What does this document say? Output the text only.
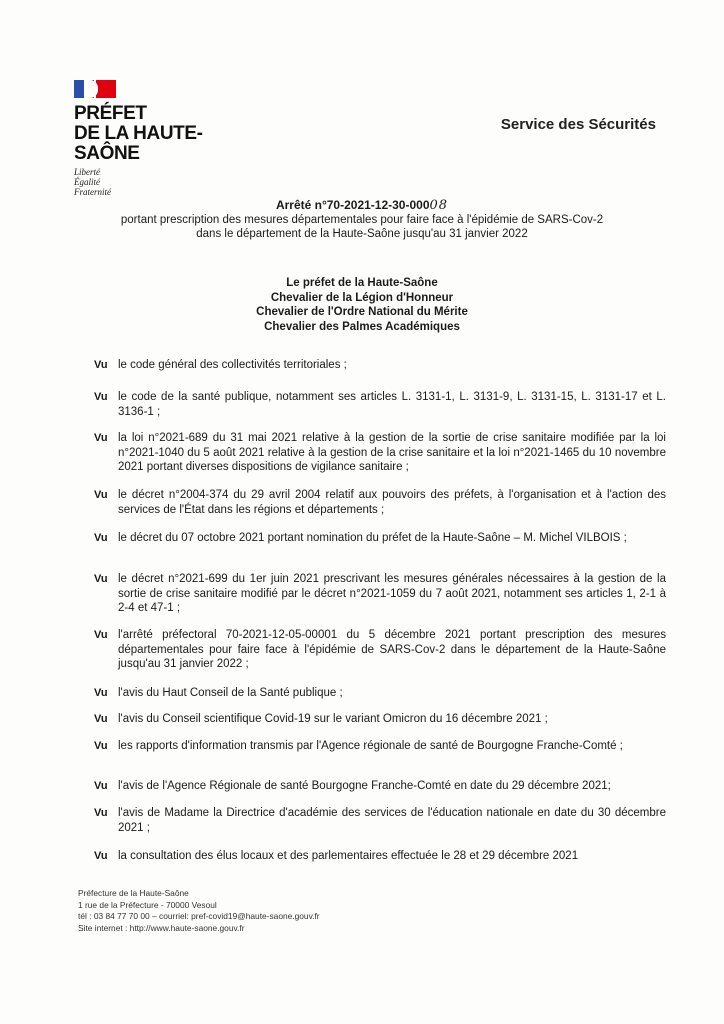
PRÉFET
DE LA HAUTE-
SAÔNE
Liberté
Égalité
Fraternité
Service des Sécurités
Arrêté n°70-2021-12-30-00008
portant prescription des mesures départementales pour faire face à l'épidémie de SARS-Cov-2
dans le département de la Haute-Saône jusqu'au 31 janvier 2022
Le préfet de la Haute-Saône
Chevalier de la Légion d'Honneur
Chevalier de l'Ordre National du Mérite
Chevalier des Palmes Académiques
Vu le code général des collectivités territoriales ;
Vu le code de la santé publique, notamment ses articles L. 3131-1, L. 3131-9, L. 3131-15, L. 3131-17 et L. 3136-1 ;
Vu la loi n°2021-689 du 31 mai 2021 relative à la gestion de la sortie de crise sanitaire modifiée par la loi n°2021-1040 du 5 août 2021 relative à la gestion de la crise sanitaire et la loi n°2021-1465 du 10 novembre 2021 portant diverses dispositions de vigilance sanitaire ;
Vu le décret n°2004-374 du 29 avril 2004 relatif aux pouvoirs des préfets, à l'organisation et à l'action des services de l'État dans les régions et départements ;
Vu le décret du 07 octobre 2021 portant nomination du préfet de la Haute-Saône – M. Michel VILBOIS ;
Vu le décret n°2021-699 du 1er juin 2021 prescrivant les mesures générales nécessaires à la gestion de la sortie de crise sanitaire modifié par le décret n°2021-1059 du 7 août 2021, notamment ses articles 1, 2-1 à 2-4 et 47-1 ;
Vu l'arrêté préfectoral 70-2021-12-05-00001 du 5 décembre 2021 portant prescription des mesures départementales pour faire face à l'épidémie de SARS-Cov-2 dans le département de la Haute-Saône jusqu'au 31 janvier 2022 ;
Vu l'avis du Haut Conseil de la Santé publique ;
Vu l'avis du Conseil scientifique Covid-19 sur le variant Omicron du 16 décembre 2021 ;
Vu les rapports d'information transmis par l'Agence régionale de santé de Bourgogne Franche-Comté ;
Vu l'avis de l'Agence Régionale de santé Bourgogne Franche-Comté en date du 29 décembre 2021;
Vu l'avis de Madame la Directrice d'académie des services de l'éducation nationale en date du 30 décembre 2021 ;
Vu la consultation des élus locaux et des parlementaires effectuée le 28 et 29 décembre 2021
Préfecture de la Haute-Saône
1 rue de la Préfecture - 70000 Vesoul
tél : 03 84 77 70 00 – courriel: pref-covid19@haute-saone.gouv.fr
Site internet : http://www.haute-saone.gouv.fr
